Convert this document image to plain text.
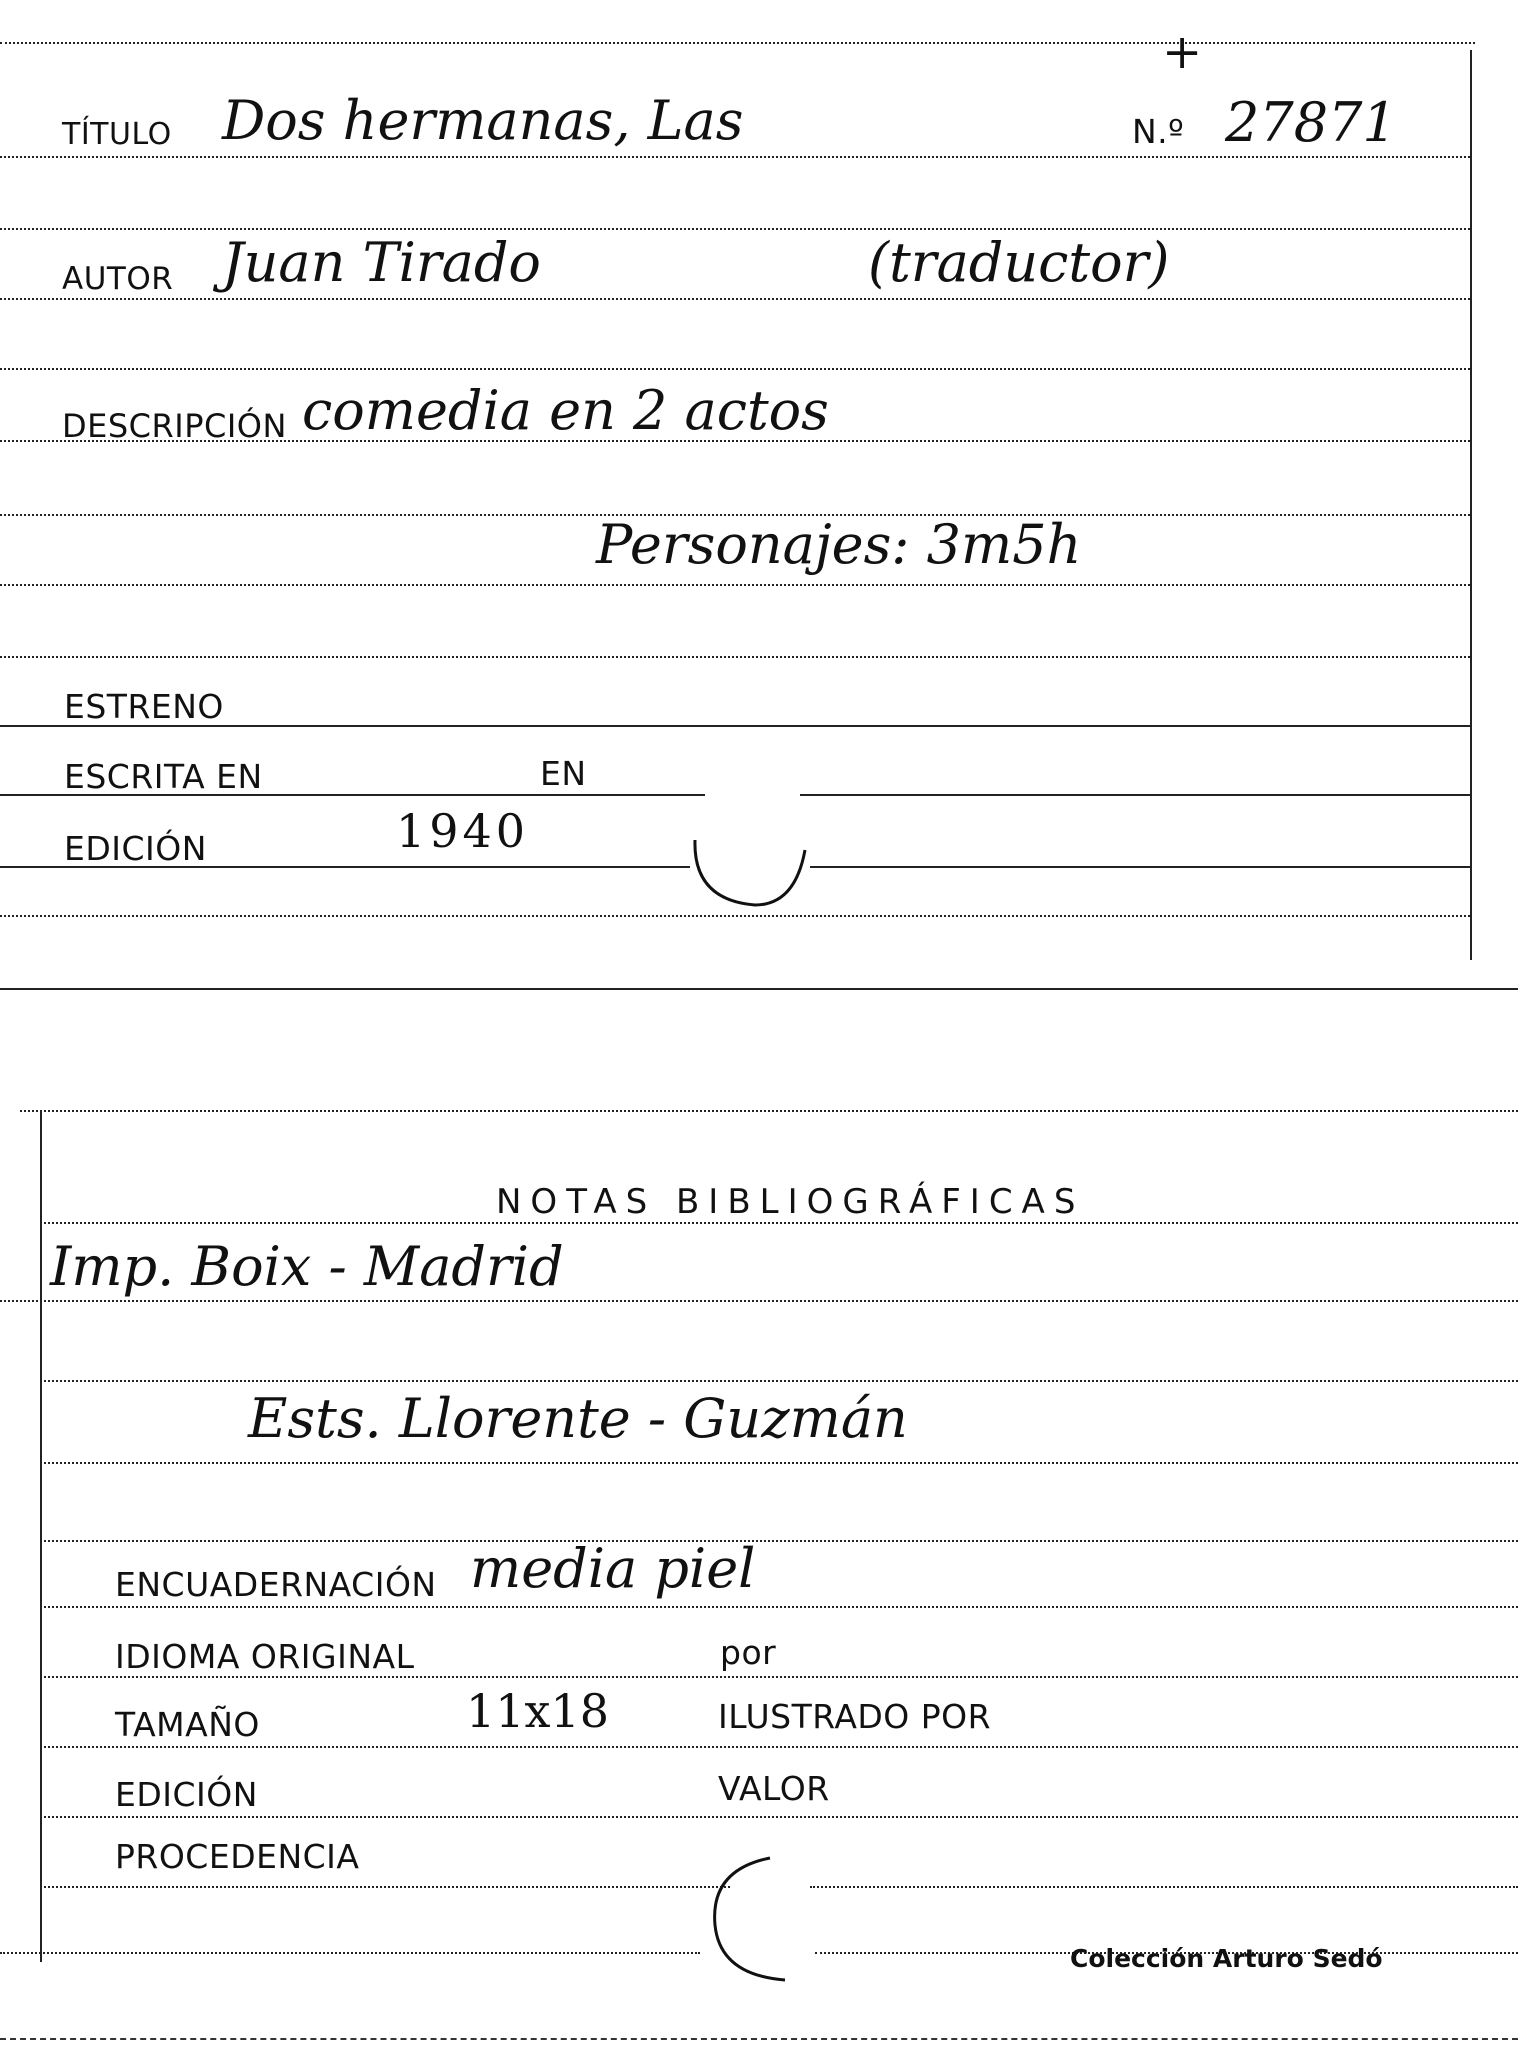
TÍTULO Dos hermanas, Las
+
N.º 27871
AUTOR Juan Tirado	(traductor)
DESCRIPCIÓN comedia en 2 actos
Personajes: 3m5h
ESTRENO
ESCRITA EN	EN
EDICIÓN	1940
NOTAS BIBLIOGRÁFICAS
Imp. Boix - Madrid
Ests. Llorente - Guzmán
ENCUADERNACIÓN media piel
IDIOMA ORIGINAL	por
TAMAÑO	11x18	ILUSTRADO POR
EDICIÓN	VALOR
PROCEDENCIA
Colección Arturo Sedó
